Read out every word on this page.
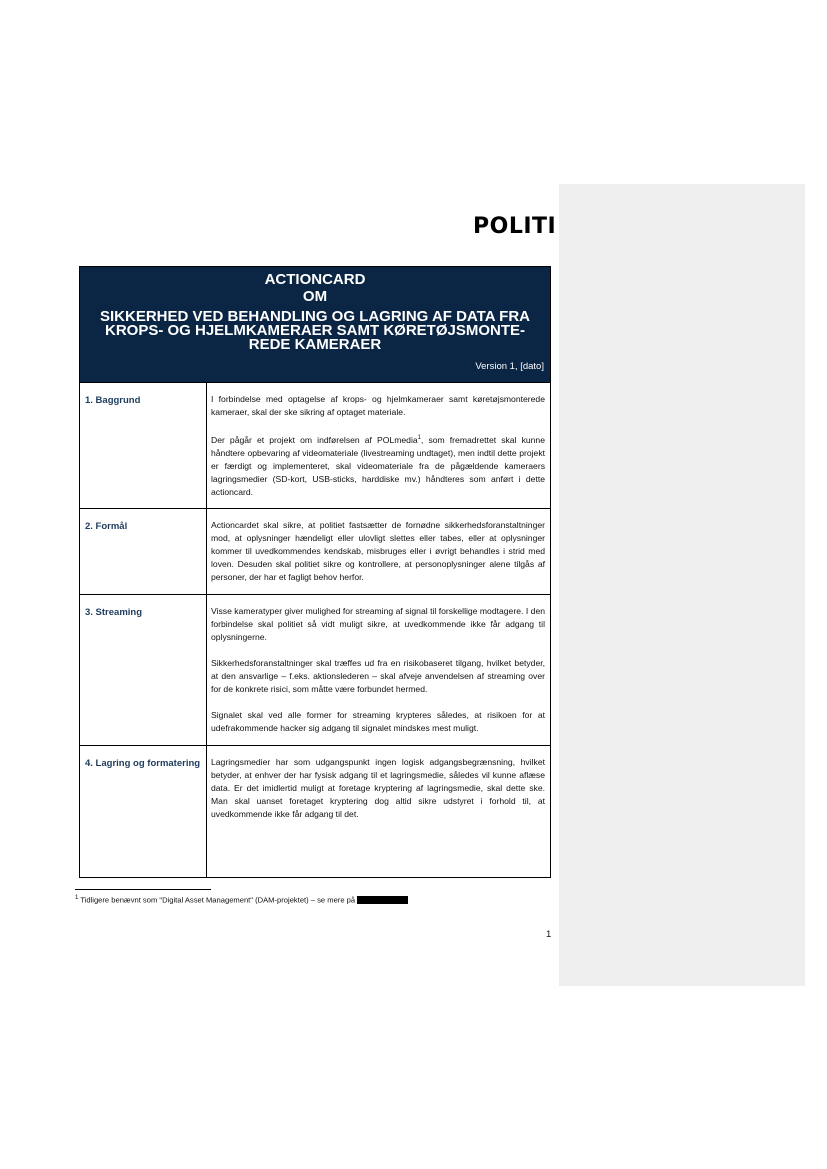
POLITI
ACTIONCARD
OM
SIKKERHED VED BEHANDLING OG LAGRING AF DATA FRA KROPS- OG HJELMKAMERAER SAMT KØRETØJSMONTE-REDE KAMERAER
Version 1, [dato]
1. Baggrund	I forbindelse med optagelse af krops- og hjelmkameraer samt køretøjsmonterede kameraer, skal der ske sikring af optaget materiale.

Der pågår et projekt om indførelsen af POLmedia$^1$, som fremadrettet skal kunne håndtere opbevaring af videomateriale (livestreaming undtaget), men indtil dette projekt er færdigt og implementeret, skal videomateriale fra de pågældende kameraers lagringsmedier (SD-kort, USB-sticks, harddiske mv.) håndteres som anført i dette actioncard.

2. Formål	Actioncardet skal sikre, at politiet fastsætter de fornødne sikkerhedsforanstaltninger mod, at oplysninger hændeligt eller ulovligt slettes eller tabes, eller at oplysninger kommer til uvedkommendes kendskab, misbruges eller i øvrigt behandles i strid med loven. Desuden skal politiet sikre og kontrollere, at personoplysninger alene tilgås af personer, der har et fagligt behov herfor.

3. Streaming	Visse kameratyper giver mulighed for streaming af signal til forskellige modtagere. I den forbindelse skal politiet så vidt muligt sikre, at uvedkommende ikke får adgang til oplysningerne.

Sikkerhedsforanstaltninger skal træffes ud fra en risikobaseret tilgang, hvilket betyder, at den ansvarlige – f.eks. aktionslederen – skal afveje anvendelsen af streaming over for de konkrete risici, som måtte være forbundet hermed.

Signalet skal ved alle former for streaming krypteres således, at risikoen for at udefrakommende hacker sig adgang til signalet mindskes mest muligt.

4. Lagring og formatering	Lagringsmedier har som udgangspunkt ingen logisk adgangsbegrænsning, hvilket betyder, at enhver der har fysisk adgang til et lagringsmedie, således vil kunne aflæse data. Er det imidlertid muligt at foretage kryptering af lagringsmedie, skal dette ske. Man skal uanset foretaget kryptering dog altid sikre udstyret i forhold til, at uvedkommende ikke får adgang til det.

$^1$ Tidligere benævnt som "Digital Asset Management" (DAM-projektet) – se mere på
1
